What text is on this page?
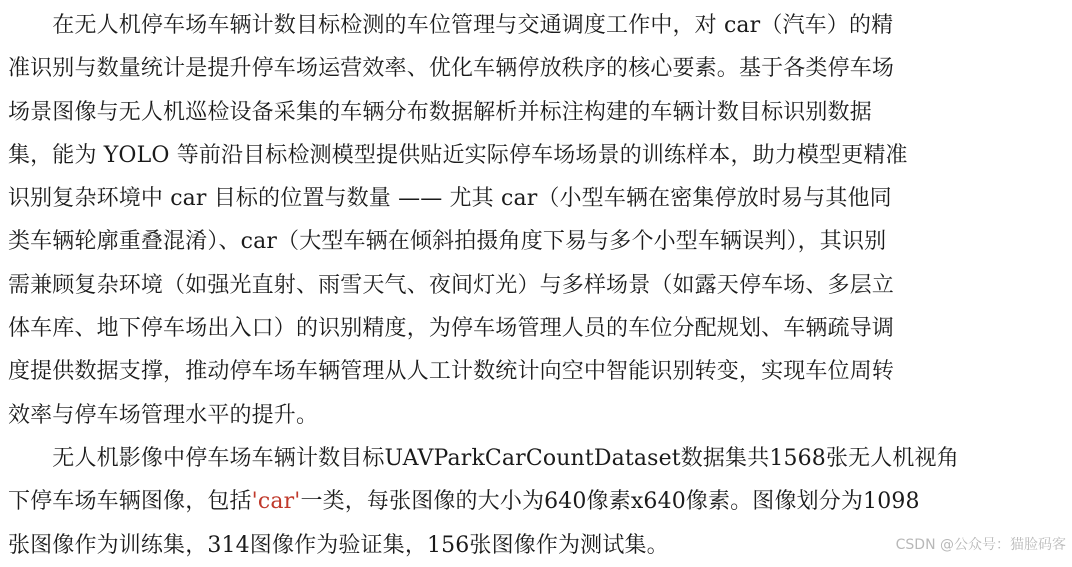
　　在无人机停车场车辆计数目标检测的车位管理与交通调度工作中，对 car（汽车）的精
准识别与数量统计是提升停车场运营效率、优化车辆停放秩序的核心要素。基于各类停车场
场景图像与无人机巡检设备采集的车辆分布数据解析并标注构建的车辆计数目标识别数据
集，能为 YOLO 等前沿目标检测模型提供贴近实际停车场场景的训练样本，助力模型更精准
识别复杂环境中 car 目标的位置与数量 —— 尤其 car（小型车辆在密集停放时易与其他同
类车辆轮廓重叠混淆）、car（大型车辆在倾斜拍摄角度下易与多个小型车辆误判），其识别
需兼顾复杂环境（如强光直射、雨雪天气、夜间灯光）与多样场景（如露天停车场、多层立
体车库、地下停车场出入口）的识别精度，为停车场管理人员的车位分配规划、车辆疏导调
度提供数据支撑，推动停车场车辆管理从人工计数统计向空中智能识别转变，实现车位周转
效率与停车场管理水平的提升。
　　无人机影像中停车场车辆计数目标UAVParkCarCountDataset数据集共1568张无人机视角
下停车场车辆图像，包括'car'一类，每张图像的大小为640像素x640像素。图像划分为1098
张图像作为训练集，314图像作为验证集，156张图像作为测试集。	CSDN @公众号：猫脸码客
